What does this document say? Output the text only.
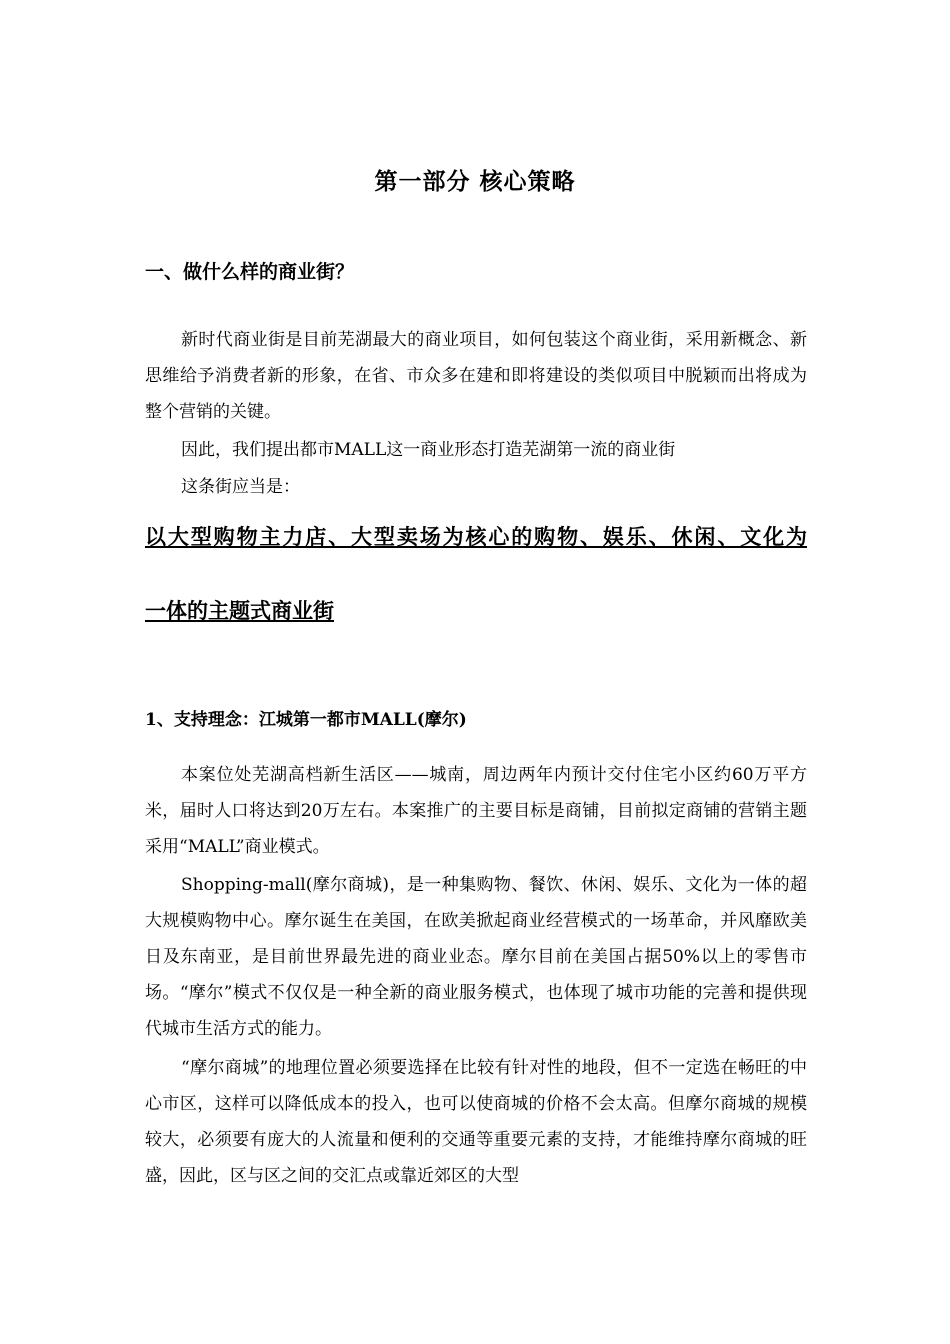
第一部分 核心策略
一、做什么样的商业街？

新时代商业街是目前芜湖最大的商业项目，如何包装这个商业街，采用新概念、新思维给予消费者新的形象，在省、市众多在建和即将建设的类似项目中脱颖而出将成为整个营销的关键。

因此，我们提出都市MALL这一商业形态打造芜湖第一流的商业街
这条街应当是：
以大型购物主力店、大型卖场为核心的购物、娱乐、休闲、文化为
一体的主题式商业街
1、支持理念：江城第一都市MALL(摩尔)

本案位处芜湖高档新生活区——城南，周边两年内预计交付住宅小区约60万平方米，届时人口将达到20万左右。本案推广的主要目标是商铺，目前拟定商铺的营销主题采用“MALL”商业模式。

Shopping-mall(摩尔商城)，是一种集购物、餐饮、休闲、娱乐、文化为一体的超大规模购物中心。摩尔诞生在美国，在欧美掀起商业经营模式的一场革命，并风靡欧美日及东南亚，是目前世界最先进的商业业态。摩尔目前在美国占据50%以上的零售市场。“摩尔”模式不仅仅是一种全新的商业服务模式，也体现了城市功能的完善和提供现代城市生活方式的能力。

“摩尔商城”的地理位置必须要选择在比较有针对性的地段，但不一定选在畅旺的中心市区，这样可以降低成本的投入，也可以使商城的价格不会太高。但摩尔商城的规模较大，必须要有庞大的人流量和便利的交通等重要元素的支持，才能维持摩尔商城的旺盛，因此，区与区之间的交汇点或靠近郊区的大型
